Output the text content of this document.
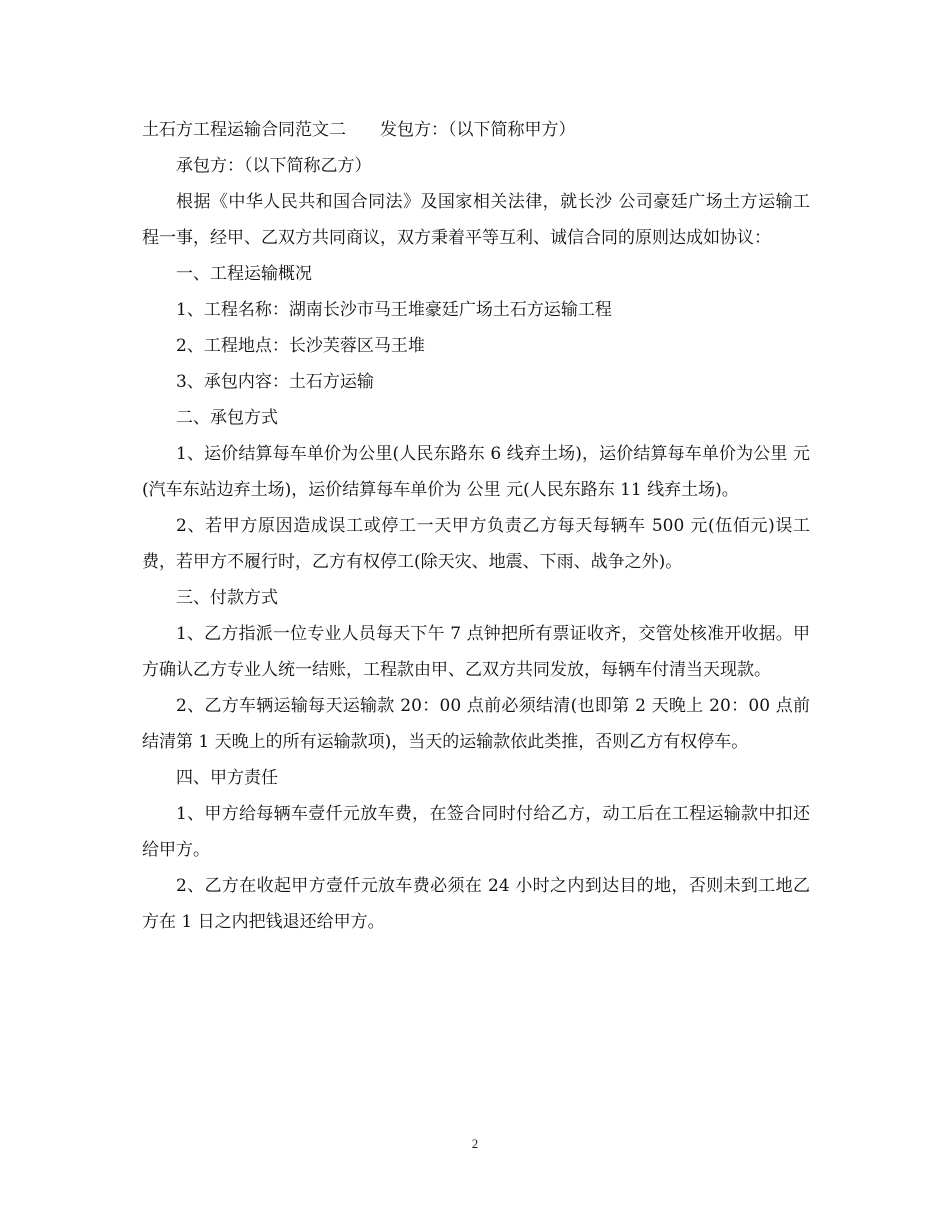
土石方工程运输合同范文二 发包方：（以下简称甲方）

承包方：（以下简称乙方）

根据《中华人民共和国合同法》及国家相关法律，就长沙 公司豪廷广场土方运输工程一事，经甲、乙双方共同商议，双方秉着平等互利、诚信合同的原则达成如协议：

一、工程运输概况

1、工程名称：湖南长沙市马王堆豪廷广场土石方运输工程

2、工程地点：长沙芙蓉区马王堆

3、承包内容：土石方运输

二、承包方式

1、运价结算每车单价为公里(人民东路东 6 线弃土场)，运价结算每车单价为公里 元(汽车东站边弃土场)，运价结算每车单价为 公里 元(人民东路东 11 线弃土场)。

2、若甲方原因造成误工或停工一天甲方负责乙方每天每辆车 500 元(伍佰元)误工费，若甲方不履行时，乙方有权停工(除天灾、地震、下雨、战争之外)。

三、付款方式

1、乙方指派一位专业人员每天下午 7 点钟把所有票证收齐，交管处核准开收据。甲方确认乙方专业人统一结账，工程款由甲、乙双方共同发放，每辆车付清当天现款。

2、乙方车辆运输每天运输款 20：00 点前必须结清(也即第 2 天晚上 20：00 点前结清第 1 天晚上的所有运输款项)，当天的运输款依此类推，否则乙方有权停车。

四、甲方责任

1、甲方给每辆车壹仟元放车费，在签合同时付给乙方，动工后在工程运输款中扣还给甲方。

2、乙方在收起甲方壹仟元放车费必须在 24 小时之内到达目的地，否则未到工地乙方在 1 日之内把钱退还给甲方。

2
